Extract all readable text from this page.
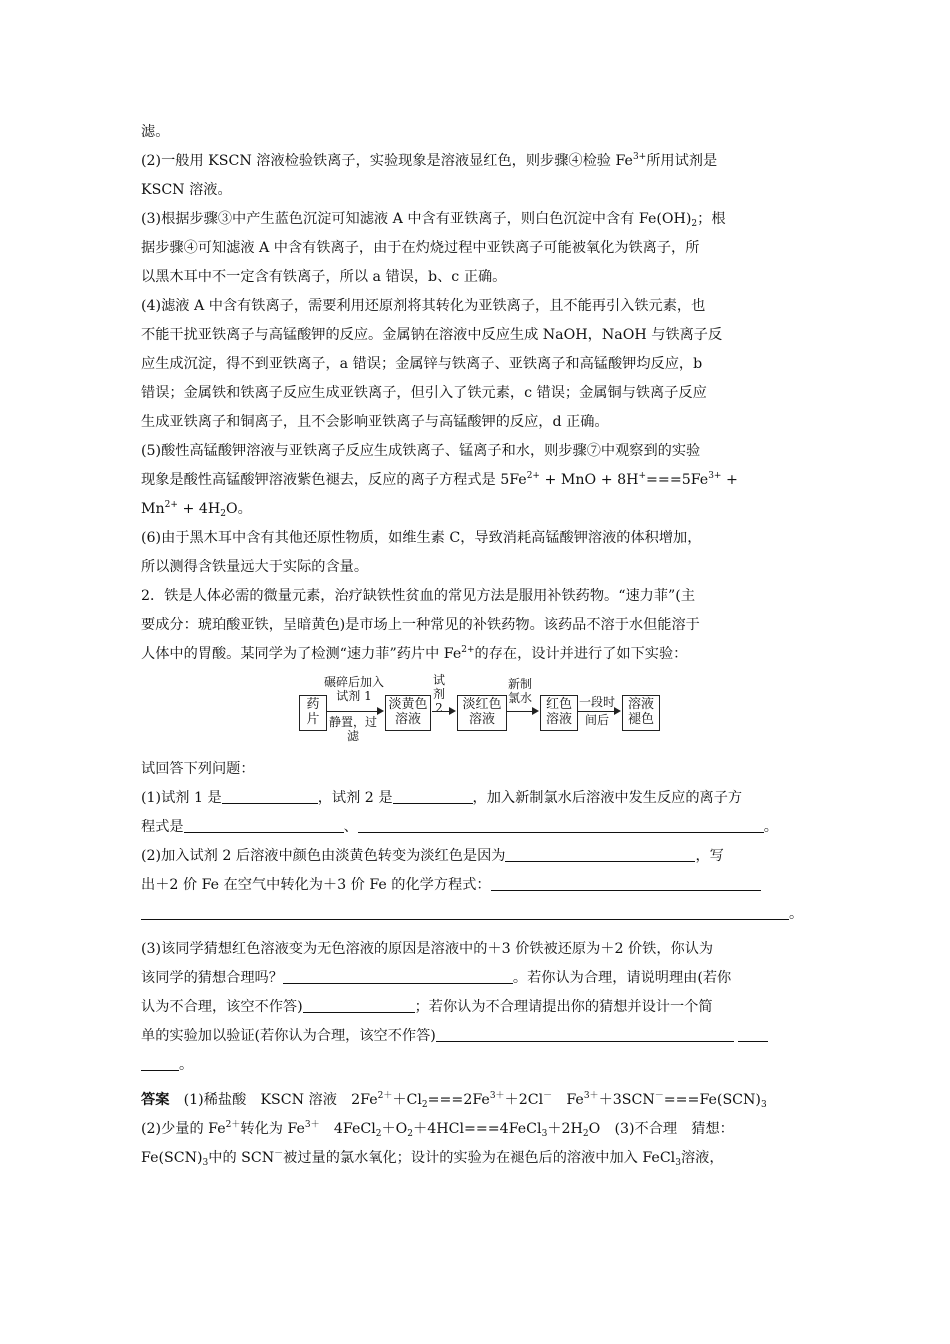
滤。

(2)一般用 KSCN 溶液检验铁离子，实验现象是溶液显红色，则步骤④检验 $Fe^{3+}$所用试剂是

KSCN 溶液。

(3)根据步骤③中产生蓝色沉淀可知滤液 A 中含有亚铁离子，则白色沉淀中含有 $Fe(OH)_2$；根

据步骤④可知滤液 A 中含有铁离子，由于在灼烧过程中亚铁离子可能被氧化为铁离子，所

以黑木耳中不一定含有铁离子，所以 a 错误，b、c 正确。

(4)滤液 A 中含有铁离子，需要利用还原剂将其转化为亚铁离子，且不能再引入铁元素，也

不能干扰亚铁离子与高锰酸钾的反应。金属钠在溶液中反应生成 NaOH，NaOH 与铁离子反

应生成沉淀，得不到亚铁离子，a 错误；金属锌与铁离子、亚铁离子和高锰酸钾均反应，b

错误；金属铁和铁离子反应生成亚铁离子，但引入了铁元素，c 错误；金属铜与铁离子反应

生成亚铁离子和铜离子，且不会影响亚铁离子与高锰酸钾的反应，d 正确。

(5)酸性高锰酸钾溶液与亚铁离子反应生成铁离子、锰离子和水，则步骤⑦中观察到的实验

现象是酸性高锰酸钾溶液紫色褪去，反应的离子方程式是 $5Fe^{2+}$ + MnO + $8H^+===5Fe^{3+}$ +

$Mn^{2+} + 4H_2O$。

(6)由于黑木耳中含有其他还原性物质，如维生素 C，导致消耗高锰酸钾溶液的体积增加，

所以测得含铁量远大于实际的含量。

2．铁是人体必需的微量元素，治疗缺铁性贫血的常见方法是服用补铁药物。“速力菲”(主

要成分：琥珀酸亚铁，呈暗黄色)是市场上一种常见的补铁药物。该药品不溶于水但能溶于

人体中的胃酸。某同学为了检测“速力菲”药片中 $Fe^{2+}$的存在，设计并进行了如下实验：

药片
碾碎后加入试剂 1
静置，过滤
淡黄色溶液
试剂 2	淡红色溶液
新制氯水	红色溶液
一段时间后
溶液褪色

试回答下列问题：

(1)试剂 1 是	，试剂 2 是	，加入新制氯水后溶液中发生反应的离子方

程式是	、	。

(2)加入试剂 2 后溶液中颜色由淡黄色转变为淡红色是因为	，写

出＋2 价 Fe 在空气中转化为＋3 价 Fe 的化学方程式：

。

(3)该同学猜想红色溶液变为无色溶液的原因是溶液中的＋3 价铁被还原为＋2 价铁，你认为

该同学的猜想合理吗？	。若你认为合理，请说明理由(若你

认为不合理，该空不作答)	；若你认为不合理请提出你的猜想并设计一个简

单的实验加以验证(若你认为合理，该空不作答)

。

答案　 (1)稀盐酸　KSCN 溶液　$2Fe^{2+}+Cl_2===2Fe^{3+}+2Cl^-$　$Fe^{3+}+3SCN^-===Fe(SCN)_3$

(2)少量的 $Fe^{2+}$转化为 $Fe^{3+}$　$4FeCl_2+O_2+4HCl===4FeCl_3+2H_2O$　(3)不合理　猜想：

$Fe(SCN)_3$中的 SCN－被过量的氯水氧化；设计的实验为在褪色后的溶液中加入 FeCl$_3$溶液，
